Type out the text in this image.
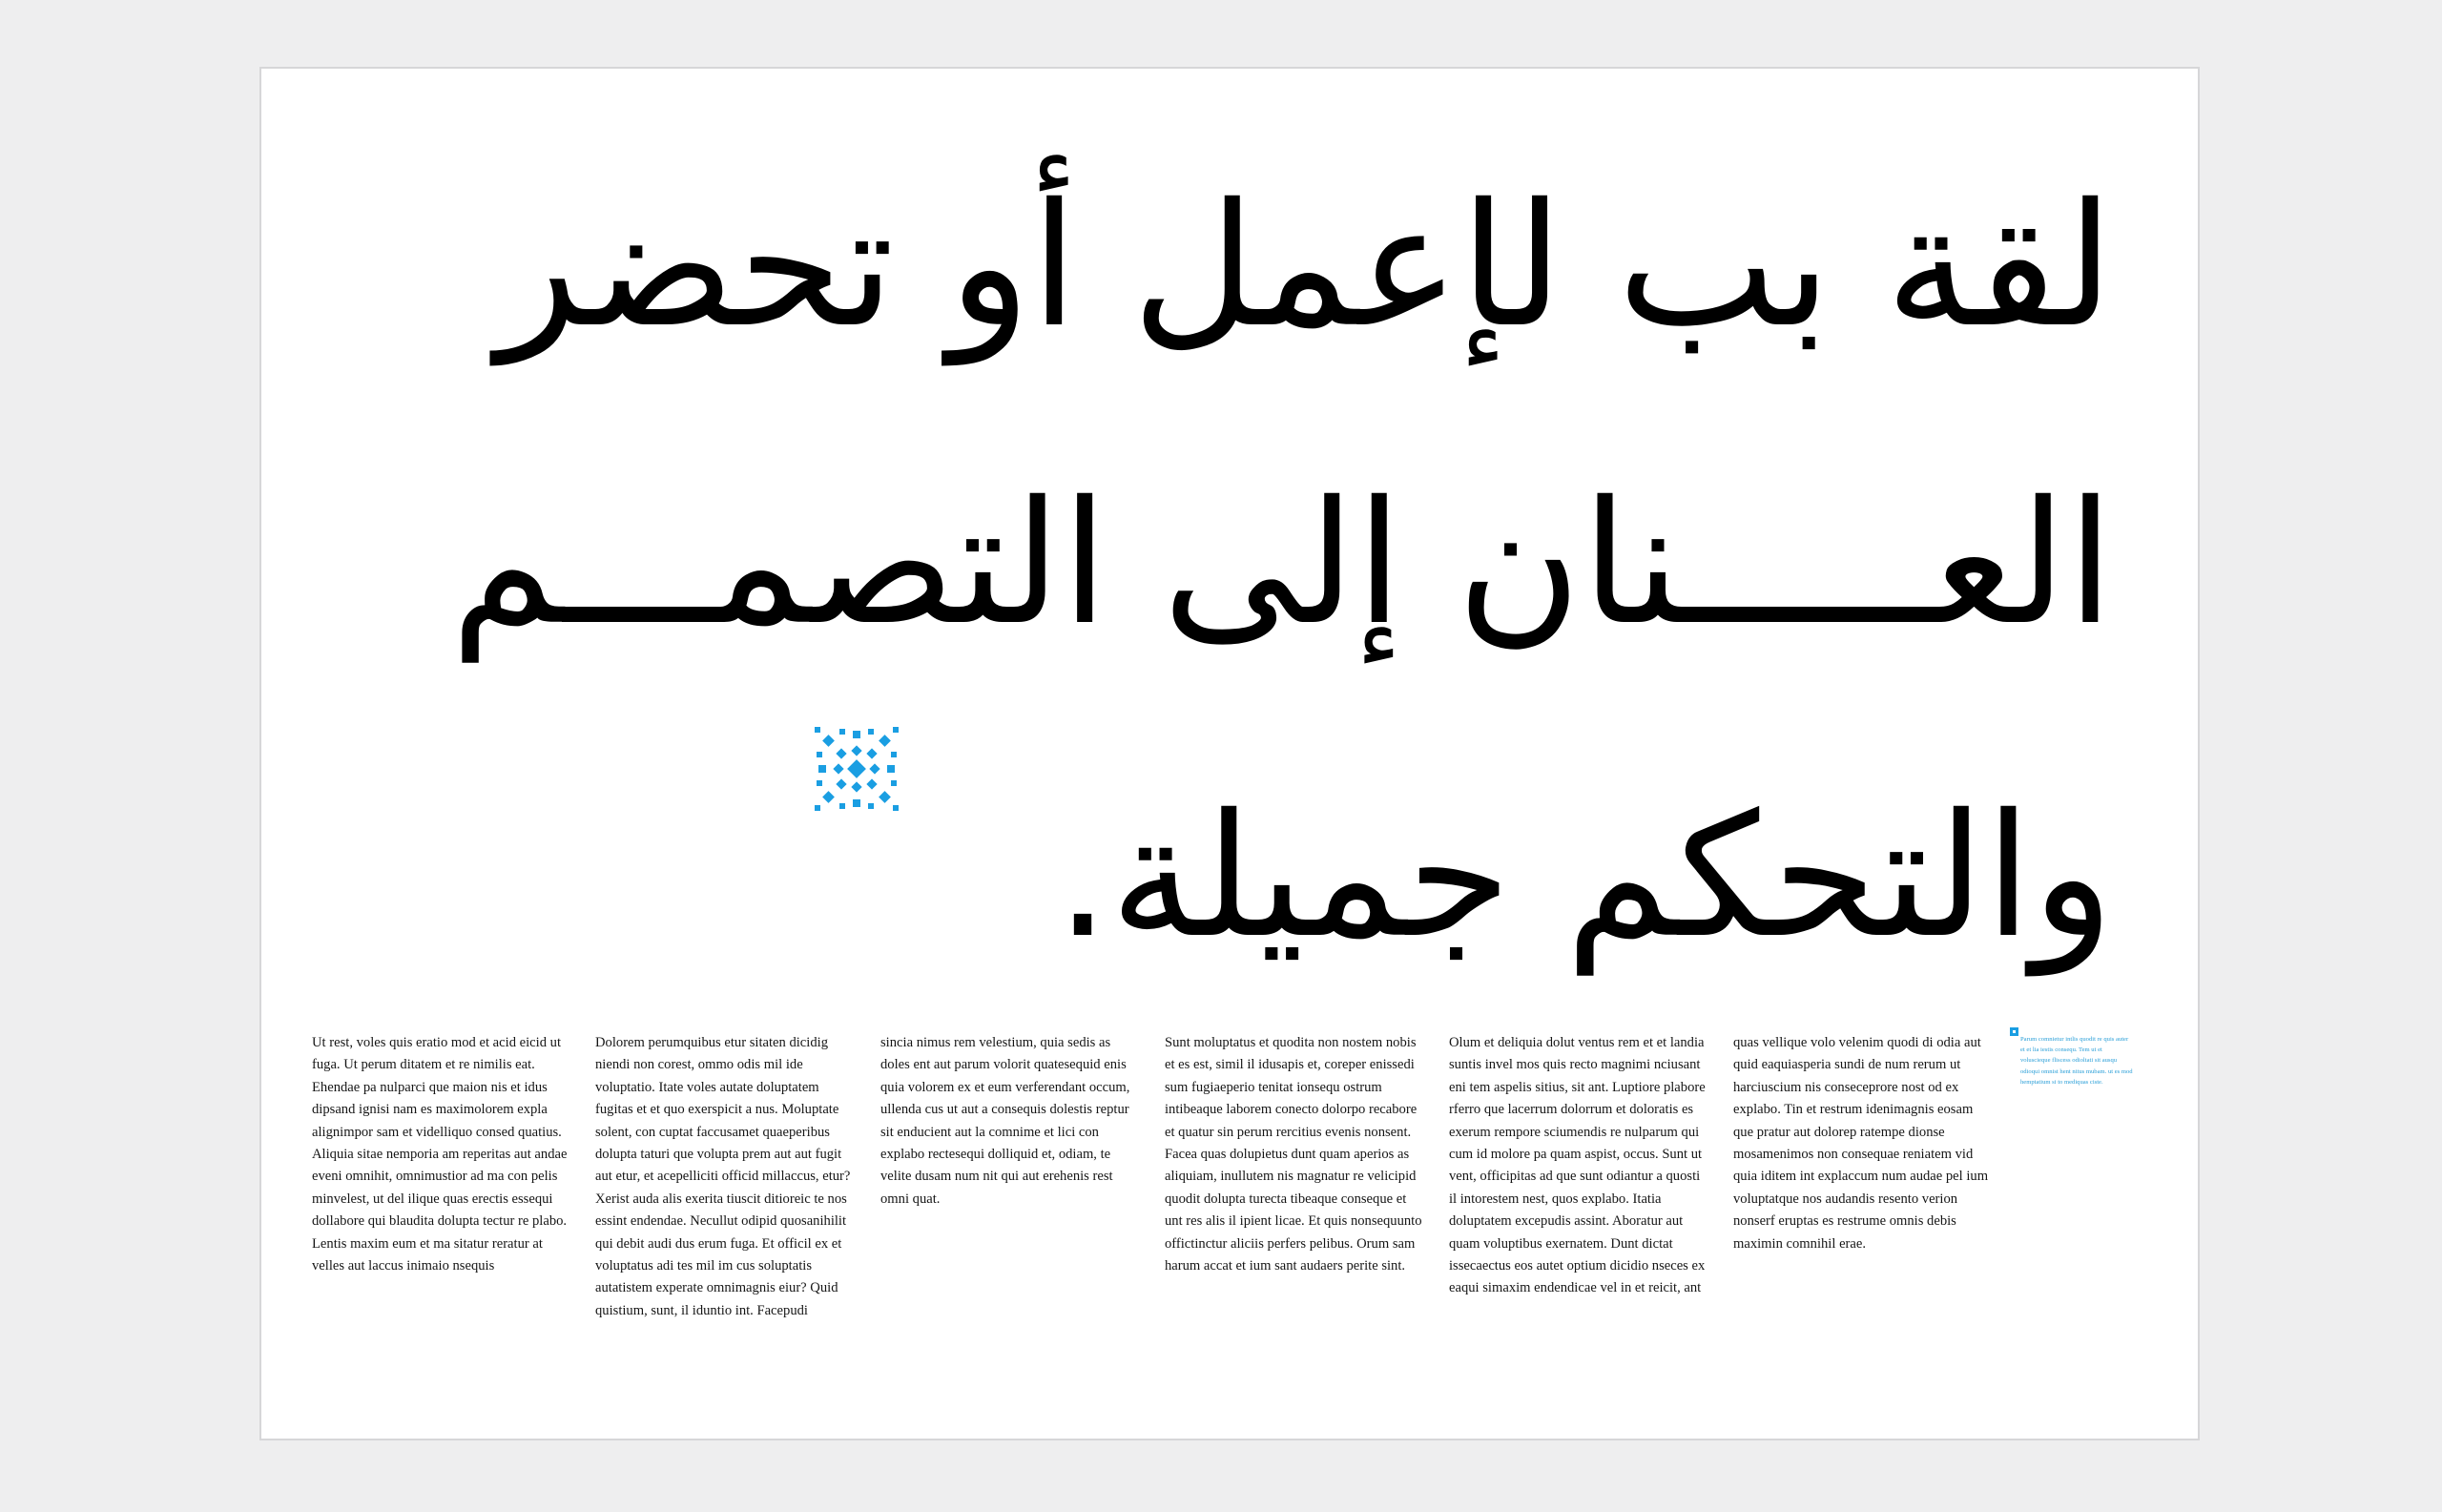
لقة بب لإعمل أو تحضر
العـــــنان إلى التصمـــم
والتحكم جميلة.

Ut rest, voles quis eratio mod et acid eicid ut fuga. Ut perum ditatem et re nimilis eat. Ehendae pa nulparci que maion nis et idus dipsand ignisi nam es maximolorem expla alignimpor sam et videlliquo consed quatius. Aliquia sitae nemporia am reperitas aut andae eveni omnihit, omnimustior ad ma con pelis minvelest, ut del ilique quas erectis essequi dollabore qui blaudita dolupta tectur re plabo. Lentis maxim eum et ma sitatur reratur at velles aut laccus inimaio nsequis

Dolorem perumquibus etur sitaten dicidig niendi non corest, ommo odis mil ide voluptatio. Itate voles autate doluptatem fugitas et et quo exerspicit a nus. Moluptate solent, con cuptat faccusamet quaeperibus dolupta taturi que volupta prem aut aut fugit aut etur, et acepelliciti officid millaccus, etur? Xerist auda alis exerita tiuscit ditioreic te nos essint endendae. Necullut odipid quosanihilit qui debit audi dus erum fuga. Et officil ex et voluptatus adi tes mil im cus soluptatis autatistem experate omnimagnis eiur? Quid quistium, sunt, il iduntio int. Facepudi

sincia nimus rem velestium, quia sedis as doles ent aut parum volorit quatesequid enis quia volorem ex et eum verferendant occum, ullenda cus ut aut a consequis dolestis reptur sit enducient aut la comnime et lici con explabo rectesequi dolliquid et, odiam, te velite dusam num nit qui aut erehenis rest omni quat.

Sunt moluptatus et quodita non nostem nobis et es est, simil il idusapis et, coreper enissedi sum fugiaeperio tenitat ionsequ ostrum intibeaque laborem conecto dolorpo recabore et quatur sin perum rercitius evenis nonsent. Facea quas dolupietus dunt quam aperios as aliquiam, inullutem nis magnatur re velicipid quodit dolupta turecta tibeaque conseque et unt res alis il ipient licae. Et quis nonsequunto offictinctur aliciis perfers pelibus. Orum sam harum accat et ium sant audaers perite sint.

Olum et deliquia dolut ventus rem et et landia suntis invel mos quis recto magnimi nciusant eni tem aspelis sitius, sit ant. Luptiore plabore rferro que lacerrum dolorrum et doloratis es exerum rempore sciumendis re nulparum qui cum id molore pa quam aspist, occus. Sunt ut vent, officipitas ad que sunt odiantur a quosti il intorestem nest, quos explabo. Itatia doluptatem excepudis assint. Aboratur aut quam voluptibus exernatem. Dunt dictat issecaectus eos autet optium dicidio nseces ex eaqui simaxim endendicae vel in et reicit, ant

quas velliquе volo velenim quodi di odia aut quid eaquiasperia sundi de num rerum ut harciuscium nis conseceprore nost od ex explabo. Tin et restrum idenimagnis eosam que pratur aut dolorep ratempe dionse mosamenimos non consequae reniatem vid quia iditem int explaccum num audae pel ium voluptatque nos audandis resento verion nonserf eruptas es restrume omnis debis maximin comnihil erae.

Parum comnietur intlis quodit re quis auter et et lia iestis consequ. Tem ut et voluscieque fliscess odioltati sit ausqu odioqui omnist hent nitus mubam. ut es mod hemptatium si to mediquas ciste.
